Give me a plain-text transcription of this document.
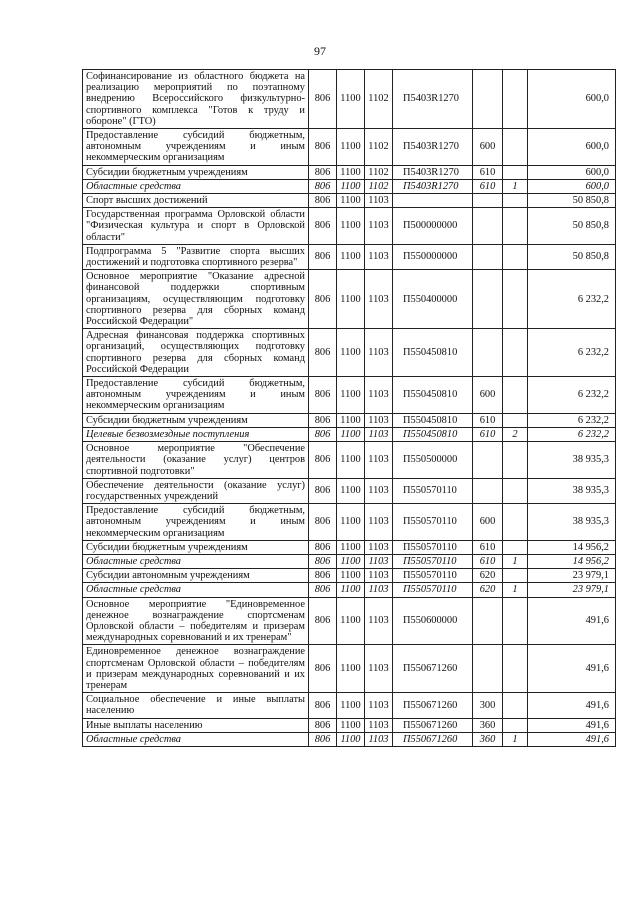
97
Софинансирование из областного бюджета на реализацию мероприятий по поэтапному внедрению Всероссийского физкультурно-спортивного комплекса "Готов к труду и обороне" (ГТО)	806	1100	1102	П5403R1270			600,0
Предоставление субсидий бюджетным, автономным учреждениям и иным некоммерческим организациям	806	1100	1102	П5403R1270	600		600,0
Субсидии бюджетным учреждениям	806	1100	1102	П5403R1270	610		600,0
Областные средства	806	1100	1102	П5403R1270	610	1	600,0
Спорт высших достижений	806	1100	1103				50 850,8
Государственная программа Орловской области "Физическая культура и спорт в Орловской области"	806	1100	1103	П500000000			50 850,8
Подпрограмма 5 "Развитие спорта высших достижений и подготовка спортивного резерва"	806	1100	1103	П550000000			50 850,8
Основное мероприятие "Оказание адресной финансовой поддержки спортивным организациям, осуществляющим подготовку спортивного резерва для сборных команд Российской Федерации"	806	1100	1103	П550400000			6 232,2
Адресная финансовая поддержка спортивных организаций, осуществляющих подготовку спортивного резерва для сборных команд Российской Федерации	806	1100	1103	П550450810			6 232,2
Предоставление субсидий бюджетным, автономным учреждениям и иным некоммерческим организациям	806	1100	1103	П550450810	600		6 232,2
Субсидии бюджетным учреждениям	806	1100	1103	П550450810	610		6 232,2
Целевые безвозмездные поступления	806	1100	1103	П550450810	610	2	6 232,2
Основное мероприятие "Обеспечение деятельности (оказание услуг) центров спортивной подготовки"	806	1100	1103	П550500000			38 935,3
Обеспечение деятельности (оказание услуг) государственных учреждений	806	1100	1103	П550570110			38 935,3
Предоставление субсидий бюджетным, автономным учреждениям и иным некоммерческим организациям	806	1100	1103	П550570110	600		38 935,3
Субсидии бюджетным учреждениям	806	1100	1103	П550570110	610		14 956,2
Областные средства	806	1100	1103	П550570110	610	1	14 956,2
Субсидии автономным учреждениям	806	1100	1103	П550570110	620		23 979,1
Областные средства	806	1100	1103	П550570110	620	1	23 979,1
Основное мероприятие "Единовременное денежное вознаграждение спортсменам Орловской области – победителям и призерам международных соревнований и их тренерам"	806	1100	1103	П550600000			491,6
Единовременное денежное вознаграждение спортсменам Орловской области – победителям и призерам международных соревнований и их тренерам	806	1100	1103	П550671260			491,6
Социальное обеспечение и иные выплаты населению	806	1100	1103	П550671260	300		491,6
Иные выплаты населению	806	1100	1103	П550671260	360		491,6
Областные средства	806	1100	1103	П550671260	360	1	491,6
